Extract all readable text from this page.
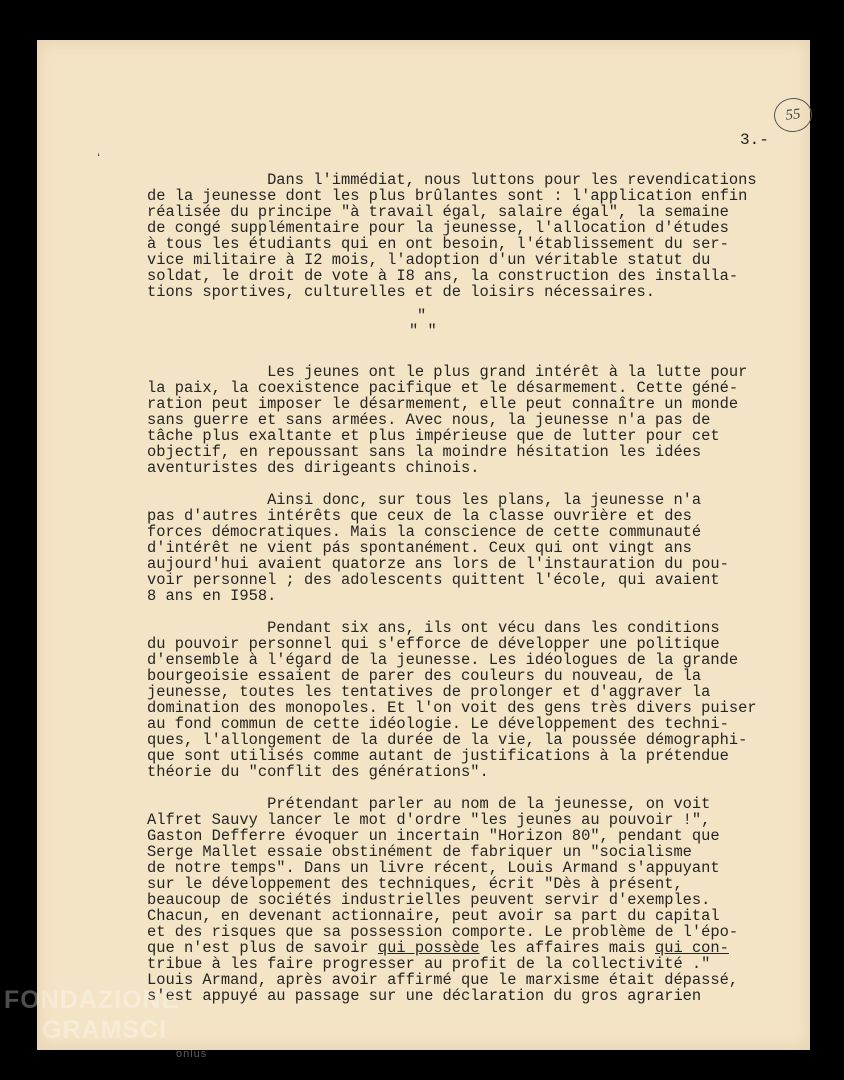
55

3.-

ʻ

Dans l'immédiat, nous luttons pour les revendications

de la jeunesse dont les plus brûlantes sont : l'application enfin

réalisée du principe "à travail égal, salaire égal", la semaine

de congé supplémentaire pour la jeunesse, l'allocation d'études

à tous les étudiants qui en ont besoin, l'établissement du ser-

vice militaire à I2 mois, l'adoption d'un véritable statut du

soldat, le droit de vote à I8 ans, la construction des installa-

tions sportives, culturelles et de loisirs nécessaires.

Les jeunes ont le plus grand intérêt à la lutte pour

la paix, la coexistence pacifique et le désarmement. Cette géné-

ration peut imposer le désarmement, elle peut connaître un monde

sans guerre et sans armées. Avec nous, la jeunesse n'a pas de

tâche plus exaltante et plus impérieuse que de lutter pour cet

objectif, en repoussant sans la moindre hésitation les idées

aventuristes des dirigeants chinois.

Ainsi donc, sur tous les plans, la jeunesse n'a

pas d'autres intérêts que ceux de la classe ouvrière et des

forces démocratiques. Mais la conscience de cette communauté

d'intérêt ne vient pás spontanément. Ceux qui ont vingt ans

aujourd'hui avaient quatorze ans lors de l'instauration du pou-

voir personnel ; des adolescents quittent l'école, qui avaient

8 ans en I958.

Pendant six ans, ils ont vécu dans les conditions

du pouvoir personnel qui s'efforce de développer une politique

d'ensemble à l'égard de la jeunesse. Les idéologues de la grande

bourgeoisie essaient de parer des couleurs du nouveau, de la

jeunesse, toutes les tentatives de prolonger et d'aggraver la

domination des monopoles. Et l'on voit des gens très divers puiser

au fond commun de cette idéologie. Le développement des techni-

ques, l'allongement de la durée de la vie, la poussée démographi-

que sont utilisés comme autant de justifications à la prétendue

théorie du "conflit des générations".

Prétendant parler au nom de la jeunesse, on voit

Alfret Sauvy lancer le mot d'ordre "les jeunes au pouvoir !",

Gaston Defferre évoquer un incertain "Horizon 80", pendant que

Serge Mallet essaie obstinément de fabriquer un "socialisme

de notre temps". Dans un livre récent, Louis Armand s'appuyant

sur le développement des techniques, écrit "Dès à présent,

beaucoup de sociétés industrielles peuvent servir d'exemples.

Chacun, en devenant actionnaire, peut avoir sa part du capital

et des risques que sa possession comporte. Le problème de l'épo-

que n'est plus de savoir qui possède les affaires mais qui con-

tribue à les faire progresser au profit de la collectivité ."

Louis Armand, après avoir affirmé que le marxisme était dépassé,

s'est appuyé au passage sur une déclaration du gros agrarien

"

" "

FONDAZIONE
GRAMSCI
onlus
